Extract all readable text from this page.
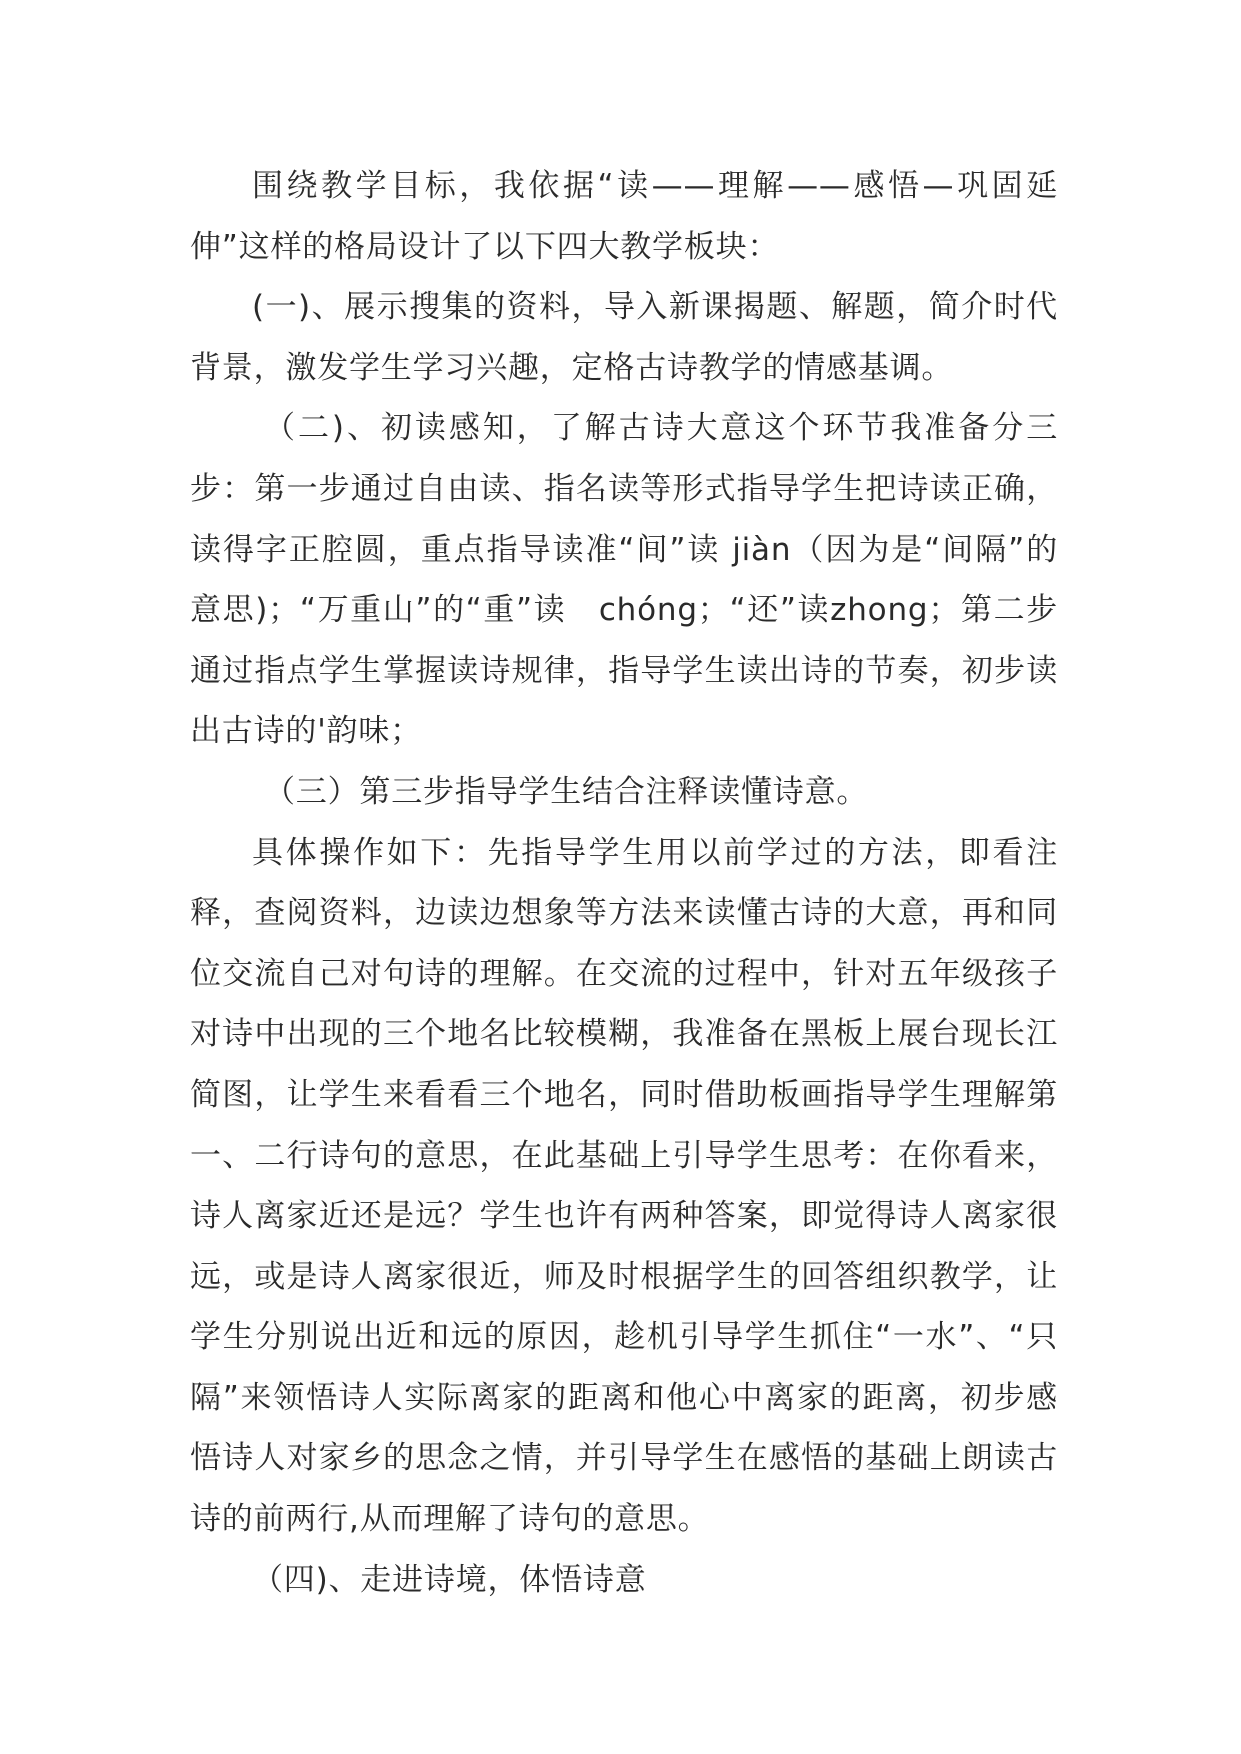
围绕教学目标，我依据“读——理解——感悟—巩固延伸”这样的格局设计了以下四大教学板块：

(一)、展示搜集的资料，导入新课揭题、解题，简介时代背景，激发学生学习兴趣，定格古诗教学的情感基调。

（二)、初读感知，了解古诗大意这个环节我准备分三步：第一步通过自由读、指名读等形式指导学生把诗读正确，读得字正腔圆，重点指导读准“间”读 jiàn（因为是“间隔”的意思)；“万重山”的“重”读　chóng；“还”读zhong；第二步通过指点学生掌握读诗规律，指导学生读出诗的节奏，初步读出古诗的'韵味；

（三）第三步指导学生结合注释读懂诗意。

具体操作如下：先指导学生用以前学过的方法，即看注释，查阅资料，边读边想象等方法来读懂古诗的大意，再和同位交流自己对句诗的理解。在交流的过程中，针对五年级孩子对诗中出现的三个地名比较模糊，我准备在黑板上展台现长江简图，让学生来看看三个地名，同时借助板画指导学生理解第一、二行诗句的意思，在此基础上引导学生思考：在你看来，诗人离家近还是远？学生也许有两种答案，即觉得诗人离家很远，或是诗人离家很近，师及时根据学生的回答组织教学，让学生分别说出近和远的原因，趁机引导学生抓住“一水”、“只隔”来领悟诗人实际离家的距离和他心中离家的距离，初步感悟诗人对家乡的思念之情，并引导学生在感悟的基础上朗读古诗的前两行,从而理解了诗句的意思。

（四)、走进诗境，体悟诗意
